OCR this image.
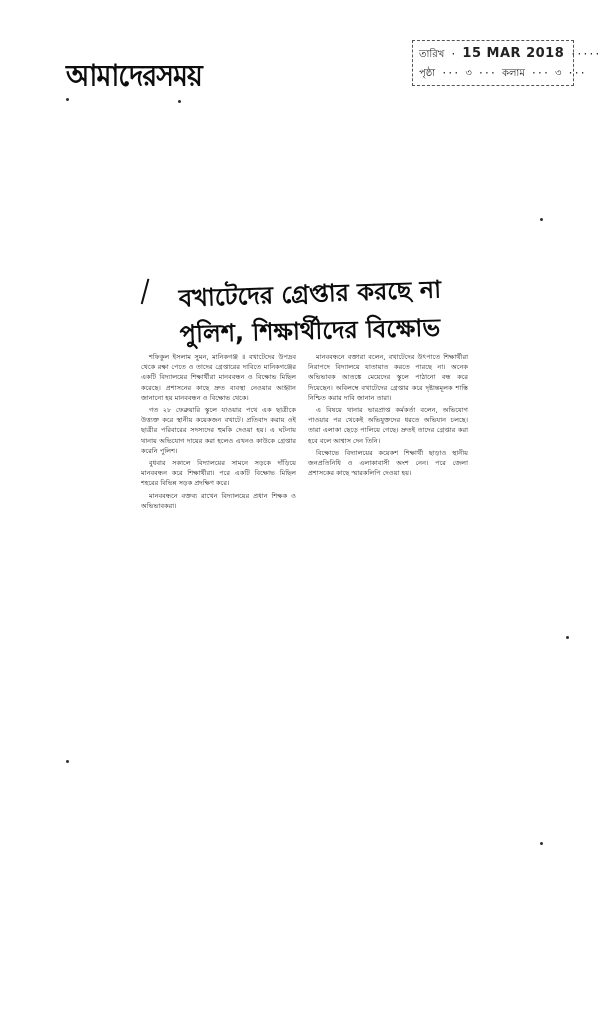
আমাদেরসময়
তারিখ · 15 MAR 2018 ·····
পৃষ্ঠা ··· ৩ ··· কলাম ··· ৩ ···
বখাটেদের গ্রেপ্তার করছে না
পুলিশ, শিক্ষার্থীদের বিক্ষোভ

শফিকুল ইসলাম সুমন, মানিকগঞ্জ ॥ বখাটেদের উপদ্রব থেকে রক্ষা পেতে ও তাদের গ্রেপ্তারের দাবিতে মানিকগঞ্জের একটি বিদ্যালয়ের শিক্ষার্থীরা মানববন্ধন ও বিক্ষোভ মিছিল করেছে। প্রশাসনের কাছে দ্রুত ব্যবস্থা নেওয়ার আহ্বান জানানো হয় মানববন্ধন ও বিক্ষোভ থেকে।

গত ২৮ ফেব্রুয়ারি স্কুলে যাওয়ার পথে এক ছাত্রীকে উত্ত্যক্ত করে স্থানীয় কয়েকজন বখাটে। প্রতিবাদ করায় ওই ছাত্রীর পরিবারের সদস্যদের হুমকি দেওয়া হয়। এ ঘটনায় থানায় অভিযোগ দায়ের করা হলেও এখনও কাউকে গ্রেপ্তার করেনি পুলিশ।

বুধবার সকালে বিদ্যালয়ের সামনে সড়কে দাঁড়িয়ে মানববন্ধন করে শিক্ষার্থীরা। পরে একটি বিক্ষোভ মিছিল শহরের বিভিন্ন সড়ক প্রদক্ষিণ করে।

মানববন্ধনে বক্তব্য রাখেন বিদ্যালয়ের প্রধান শিক্ষক ও অভিভাবকরা।

মানববন্ধনে বক্তারা বলেন, বখাটেদের উৎপাতে শিক্ষার্থীরা নিরাপদে বিদ্যালয়ে যাতায়াত করতে পারছে না। অনেক অভিভাবক আতঙ্কে মেয়েদের স্কুলে পাঠানো বন্ধ করে দিয়েছেন। অবিলম্বে বখাটেদের গ্রেপ্তার করে দৃষ্টান্তমূলক শাস্তি নিশ্চিত করার দাবি জানান তারা।

এ বিষয়ে থানার ভারপ্রাপ্ত কর্মকর্তা বলেন, অভিযোগ পাওয়ার পর থেকেই অভিযুক্তদের ধরতে অভিযান চলছে। তারা এলাকা ছেড়ে পালিয়ে গেছে। দ্রুতই তাদের গ্রেপ্তার করা হবে বলে আশ্বাস দেন তিনি।

বিক্ষোভে বিদ্যালয়ের কয়েকশ শিক্ষার্থী ছাড়াও স্থানীয় জনপ্রতিনিধি ও এলাকাবাসী অংশ নেন। পরে জেলা প্রশাসকের কাছে স্মারকলিপি দেওয়া হয়।
